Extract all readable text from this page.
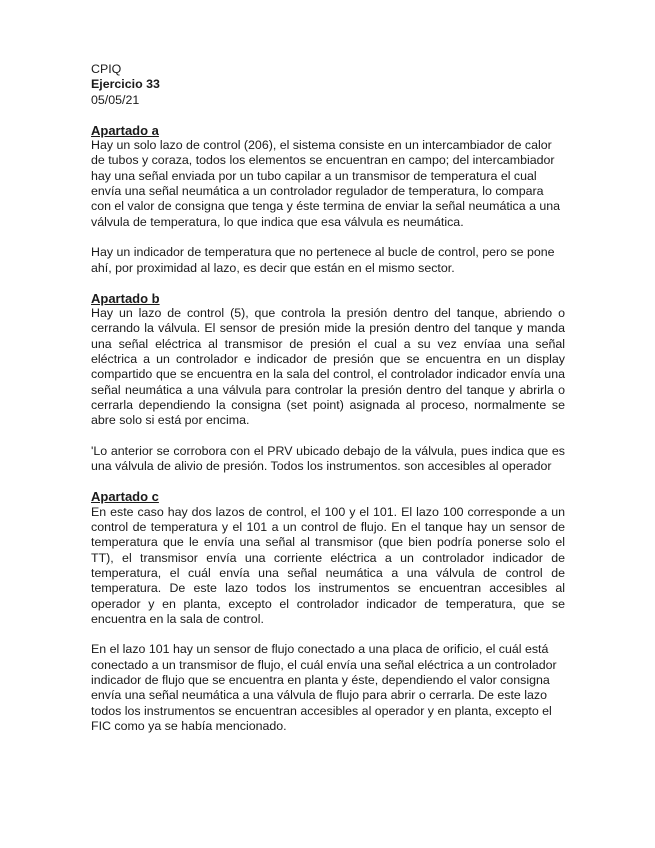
CPIQ
Ejercicio 33
05/05/21
Apartado a

Hay un solo lazo de control (206), el sistema consiste en un intercambiador de calor de tubos y coraza, todos los elementos se encuentran en campo; del intercambiador hay una señal enviada por un tubo capilar a un transmisor de temperatura el cual envía una señal neumática a un controlador regulador de temperatura, lo compara con el valor de consigna que tenga y éste termina de enviar la señal neumática a una válvula de temperatura, lo que indica que esa válvula es neumática.

Hay un indicador de temperatura que no pertenece al bucle de control, pero se pone ahí, por proximidad al lazo, es decir que están en el mismo sector.

Apartado b

Hay un lazo de control (5), que controla la presión dentro del tanque, abriendo o cerrando la válvula. El sensor de presión mide la presión dentro del tanque y manda una señal eléctrica al transmisor de presión el cual a su vez envíaa una señal eléctrica a un controlador e indicador de presión que se encuentra en un display compartido que se encuentra en la sala del control, el controlador indicador envía una señal neumática a una válvula para controlar la presión dentro del tanque y abrirla o cerrarla dependiendo la consigna (set point) asignada al proceso, normalmente se abre solo si está por encima.

'Lo anterior se corrobora con el PRV ubicado debajo de la válvula, pues indica que es una válvula de alivio de presión. Todos los instrumentos. son accesibles al operador

Apartado c

En este caso hay dos lazos de control, el 100 y el 101. El lazo 100 corresponde a un control de temperatura y el 101 a un control de flujo. En el tanque hay un sensor de temperatura que le envía una señal al transmisor (que bien podría ponerse solo el TT), el transmisor envía una corriente eléctrica a un controlador indicador de temperatura, el cuál envía una señal neumática a una válvula de control de temperatura. De este lazo todos los instrumentos se encuentran accesibles al operador y en planta, excepto el controlador indicador de temperatura, que se encuentra en la sala de control.

En el lazo 101 hay un sensor de flujo conectado a una placa de orificio, el cuál está conectado a un transmisor de flujo, el cuál envía una señal eléctrica a un controlador indicador de flujo que se encuentra en planta y éste, dependiendo el valor consigna envía una señal neumática a una válvula de flujo para abrir o cerrarla. De este lazo todos los instrumentos se encuentran accesibles al operador y en planta, excepto el FIC como ya se había mencionado.
